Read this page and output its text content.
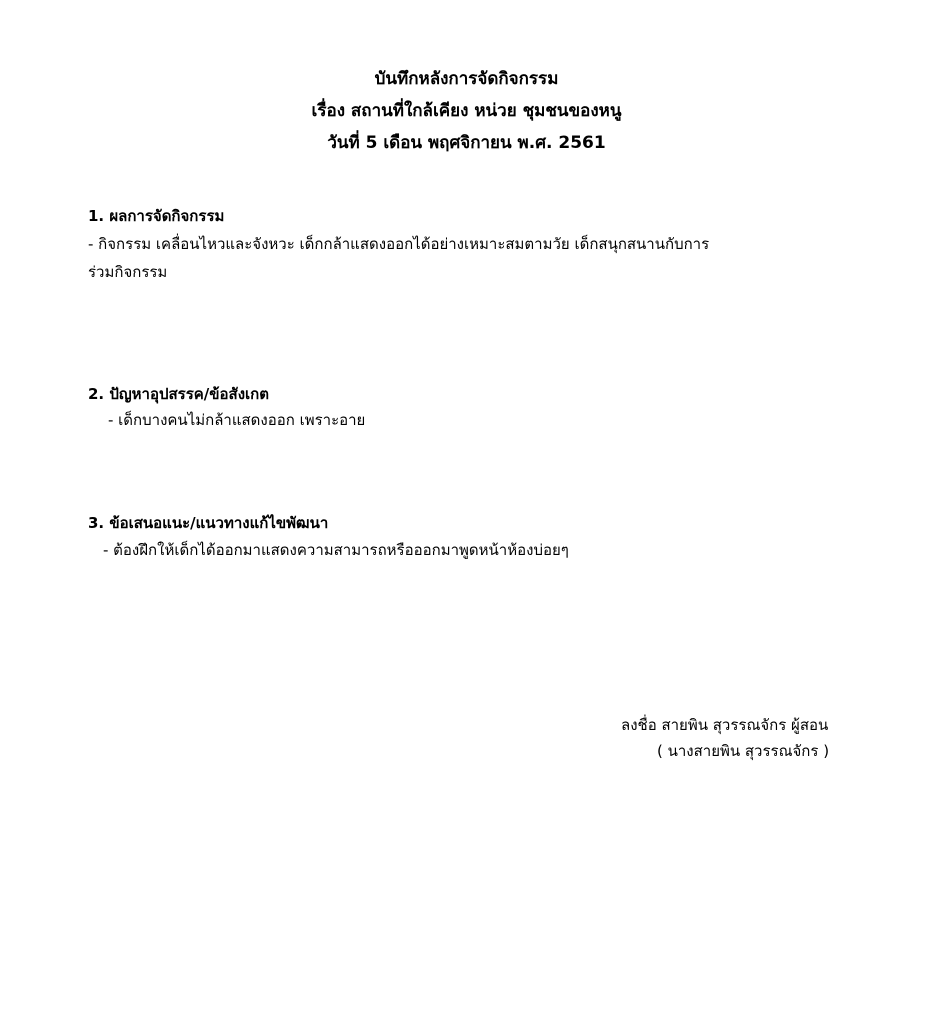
บันทึกหลังการจัดกิจกรรม
เรื่อง สถานที่ใกล้เคียง หน่วย ชุมชนของหนู
วันที่ 5 เดือน พฤศจิกายน พ.ศ. 2561
1. ผลการจัดกิจกรรม
- กิจกรรม เคลื่อนไหวและจังหวะ เด็กกล้าแสดงออกได้อย่างเหมาะสมตามวัย เด็กสนุกสนานกับการ
ร่วมกิจกรรม
2. ปัญหาอุปสรรค/ข้อสังเกต
- เด็กบางคนไม่กล้าแสดงออก เพราะอาย
3. ข้อเสนอแนะ/แนวทางแก้ไขพัฒนา
- ต้องฝึกให้เด็กได้ออกมาแสดงความสามารถหรือออกมาพูดหน้าห้องบ่อยๆ
ลงชื่อ สายพิน สุวรรณจักร ผู้สอน
( นางสายพิน สุวรรณจักร )
